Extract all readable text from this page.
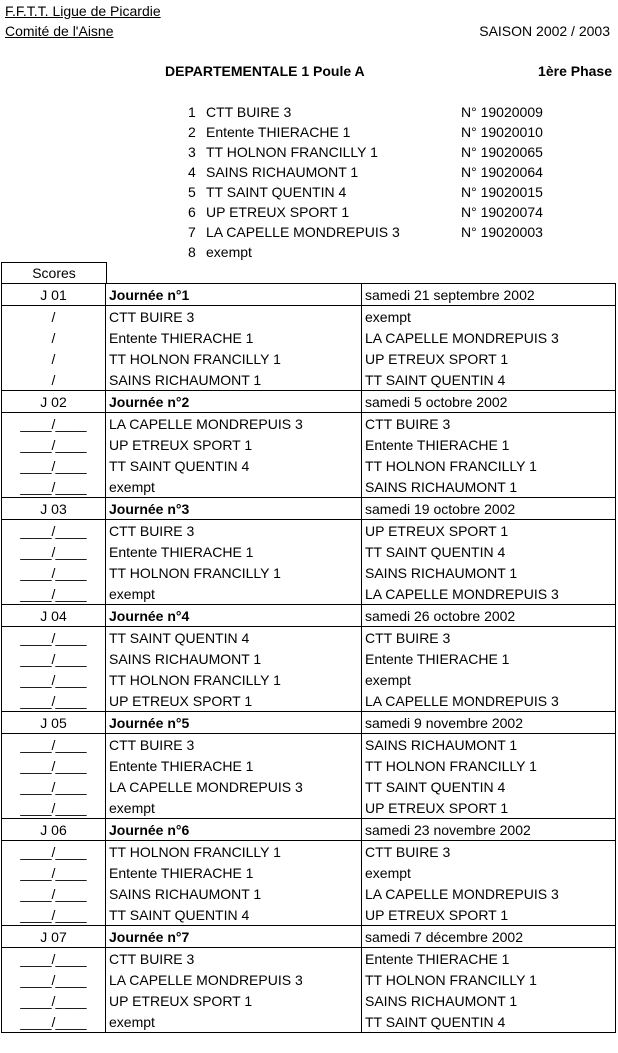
F.F.T.T. Ligue de Picardie
Comité de l'Aisne	SAISON 2002 / 2003
DEPARTEMENTALE 1 Poule A	1ère Phase
1 CTT BUIRE 3	N° 19020009
2 Entente THIERACHE 1	N° 19020010
3 TT HOLNON FRANCILLY 1	N° 19020065
4 SAINS RICHAUMONT 1	N° 19020064
5 TT SAINT QUENTIN 4	N° 19020015
6 UP ETREUX SPORT 1	N° 19020074
7 LA CAPELLE MONDREPUIS 3	N° 19020003
8 exempt
Scores
J 01	Journée n°1	samedi 21 septembre 2002
/	CTT BUIRE 3	exempt
/	Entente THIERACHE 1	LA CAPELLE MONDREPUIS 3
/	TT HOLNON FRANCILLY 1	UP ETREUX SPORT 1
/	SAINS RICHAUMONT 1	TT SAINT QUENTIN 4
J 02	Journée n°2	samedi 5 octobre 2002
____/____	LA CAPELLE MONDREPUIS 3	CTT BUIRE 3
____/____	UP ETREUX SPORT 1	Entente THIERACHE 1
____/____	TT SAINT QUENTIN 4	TT HOLNON FRANCILLY 1
____/____	exempt	SAINS RICHAUMONT 1
J 03	Journée n°3	samedi 19 octobre 2002
____/____	CTT BUIRE 3	UP ETREUX SPORT 1
____/____	Entente THIERACHE 1	TT SAINT QUENTIN 4
____/____	TT HOLNON FRANCILLY 1	SAINS RICHAUMONT 1
____/____	exempt	LA CAPELLE MONDREPUIS 3
J 04	Journée n°4	samedi 26 octobre 2002
____/____	TT SAINT QUENTIN 4	CTT BUIRE 3
____/____	SAINS RICHAUMONT 1	Entente THIERACHE 1
____/____	TT HOLNON FRANCILLY 1	exempt
____/____	UP ETREUX SPORT 1	LA CAPELLE MONDREPUIS 3
J 05	Journée n°5	samedi 9 novembre 2002
____/____	CTT BUIRE 3	SAINS RICHAUMONT 1
____/____	Entente THIERACHE 1	TT HOLNON FRANCILLY 1
____/____	LA CAPELLE MONDREPUIS 3	TT SAINT QUENTIN 4
____/____	exempt	UP ETREUX SPORT 1
J 06	Journée n°6	samedi 23 novembre 2002
____/____	TT HOLNON FRANCILLY 1	CTT BUIRE 3
____/____	Entente THIERACHE 1	exempt
____/____	SAINS RICHAUMONT 1	LA CAPELLE MONDREPUIS 3
____/____	TT SAINT QUENTIN 4	UP ETREUX SPORT 1
J 07	Journée n°7	samedi 7 décembre 2002
____/____	CTT BUIRE 3	Entente THIERACHE 1
____/____	LA CAPELLE MONDREPUIS 3	TT HOLNON FRANCILLY 1
____/____	UP ETREUX SPORT 1	SAINS RICHAUMONT 1
____/____	exempt	TT SAINT QUENTIN 4
